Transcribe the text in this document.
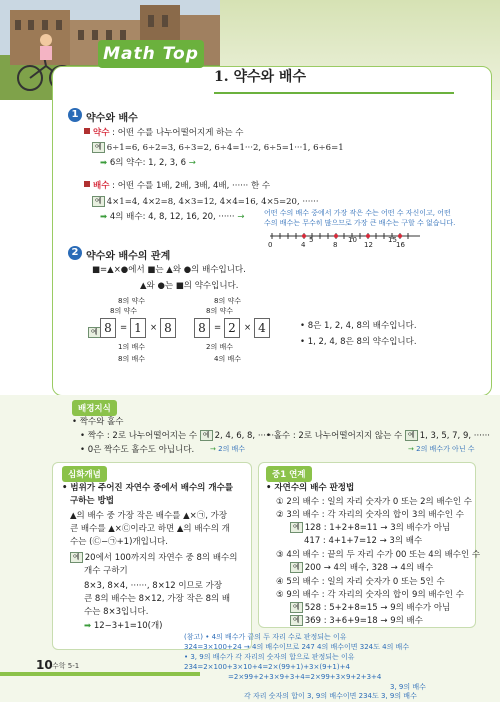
Math Top
1. 약수와 배수
1 약수와 배수
약수 : 어떤 수를 나누어떨어지게 하는 수
예 6÷1=6, 6÷2=3, 6÷3=2, 6÷4=1···2, 6÷5=1···1, 6÷6=1
➡ 6의 약수: 1, 2, 3, 6 →
배수 : 어떤 수를 1배, 2배, 3배, 4배, ······ 한 수
예 4×1=4, 4×2=8, 4×3=12, 4×4=16, 4×5=20, ······
➡ 4의 배수: 4, 8, 12, 16, 20, ······ →	어떤 수의 배수 중에서 가장 작은 수는 어떤 수 자신이고, 어떤
수의 배수는 무수히 많으므로 가장 큰 배수는 구할 수 없습니다.
0	4
5
8
10
12
15
16
2 약수와 배수의 관계
■=▲×●에서 ■는 ▲와 ●의 배수입니다.
▲와 ●는 ■의 약수입니다.
8의 약수
8의 약수
예 8 = 1 × 8
1의 배수
8의 배수
8의 약수
8의 약수
8 = 2 × 4
2의 배수
4의 배수
• 8은 1, 2, 4, 8의 배수입니다.
• 1, 2, 4, 8은 8의 약수입니다.
배경지식
• 짝수와 홀수
• 짝수 : 2로 나누어떨어지는 수 예 2, 4, 6, 8, ······
→ 2의 배수
• 0은 짝수도 홀수도 아닙니다.
• 홀수 : 2로 나누어떨어지지 않는 수 예 1, 3, 5, 7, 9, ······
→ 2의 배수가 아닌 수
심화개념
• 범위가 주어진 자연수 중에서 배수의 개수를
구하는 방법
▲의 배수 중 가장 작은 배수를 ▲×㉠, 가장
큰 배수를 ▲×Ⓒ이라고 하면 ▲의 배수의 개
수는 (Ⓒ−㉠+1)개입니다.
예 20에서 100까지의 자연수 중 8의 배수의
개수 구하기
8×3, 8×4, ······, 8×12 이므로 가장
큰 8의 배수는 8×12, 가장 작은 8의 배
수는 8×3입니다.
➡ 12−3+1=10(개)
중1 연계
• 자연수의 배수 판정법
① 2의 배수 : 일의 자리 숫자가 0 또는 2의 배수인 수
② 3의 배수 : 각 자리의 숫자의 합이 3의 배수인 수
예 128 : 1+2+8=11 → 3의 배수가 아님
417 : 4+1+7=12 → 3의 배수
③ 4의 배수 : 끝의 두 자리 수가 00 또는 4의 배수인 수
예 200 → 4의 배수, 328 → 4의 배수
④ 5의 배수 : 일의 자리 숫자가 0 또는 5인 수
⑤ 9의 배수 : 각 자리의 숫자의 합이 9의 배수인 수
예 528 : 5+2+8=15 → 9의 배수가 아님
예 369 : 3+6+9=18 → 9의 배수
(참고) • 4의 배수가 끝의 두 자리 수로 판정되는 이유
324=3×100+24 → 4의 배수이므로 247 4의 배수이면 324도 4의 배수
• 3, 9의 배수가 각 자리의 숫자의 합으로 판정되는 이유
234=2×100+3×10+4=2×(99+1)+3×(9+1)+4
=2×99+2+3×9+3+4=2×99+3×9+2+3+4
3, 9의 배수
각 자리 숫자의 합이 3, 9의 배수이면 234도 3, 9의 배수
10 수학 5-1
